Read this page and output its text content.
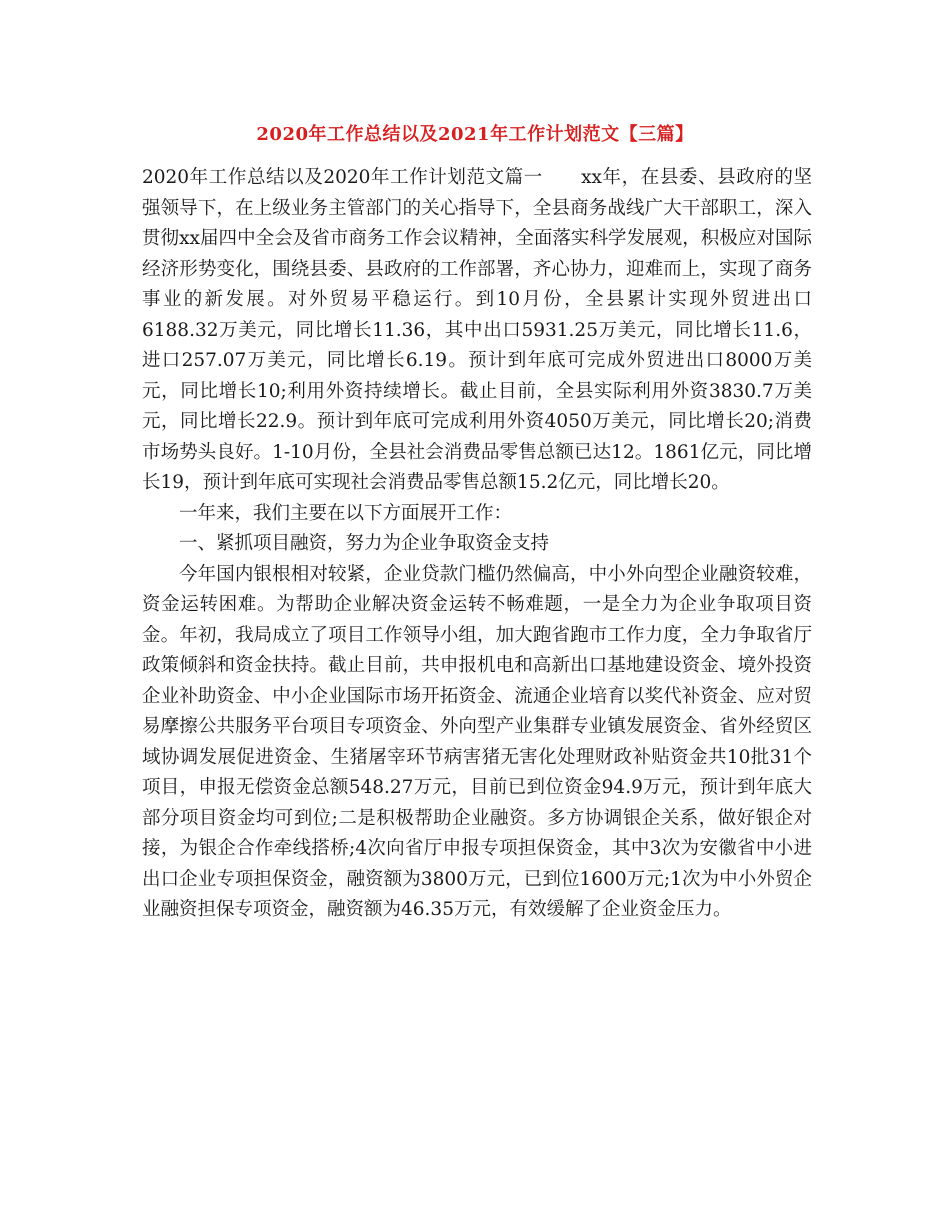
2020年工作总结以及2021年工作计划范文【三篇】

2020年工作总结以及2020年工作计划范文篇一　　xx年，在县委、县政府的坚强领导下，在上级业务主管部门的关心指导下，全县商务战线广大干部职工，深入贯彻xx届四中全会及省市商务工作会议精神，全面落实科学发展观，积极应对国际经济形势变化，围绕县委、县政府的工作部署，齐心协力，迎难而上，实现了商务事业的新发展。对外贸易平稳运行。到10月份，全县累计实现外贸进出口6188.32万美元，同比增长11.36，其中出口5931.25万美元，同比增长11.6，进口257.07万美元，同比增长6.19。预计到年底可完成外贸进出口8000万美元，同比增长10;利用外资持续增长。截止目前，全县实际利用外资3830.7万美元，同比增长22.9。预计到年底可完成利用外资4050万美元，同比增长20;消费市场势头良好。1-10月份，全县社会消费品零售总额已达12。1861亿元，同比增长19，预计到年底可实现社会消费品零售总额15.2亿元，同比增长20。

一年来，我们主要在以下方面展开工作：

一、紧抓项目融资，努力为企业争取资金支持

今年国内银根相对较紧，企业贷款门槛仍然偏高，中小外向型企业融资较难，资金运转困难。为帮助企业解决资金运转不畅难题，一是全力为企业争取项目资金。年初，我局成立了项目工作领导小组，加大跑省跑市工作力度，全力争取省厅政策倾斜和资金扶持。截止目前，共申报机电和高新出口基地建设资金、境外投资企业补助资金、中小企业国际市场开拓资金、流通企业培育以奖代补资金、应对贸易摩擦公共服务平台项目专项资金、外向型产业集群专业镇发展资金、省外经贸区域协调发展促进资金、生猪屠宰环节病害猪无害化处理财政补贴资金共10批31个项目，申报无偿资金总额548.27万元，目前已到位资金94.9万元，预计到年底大部分项目资金均可到位;二是积极帮助企业融资。多方协调银企关系，做好银企对接，为银企合作牵线搭桥;4次向省厅申报专项担保资金，其中3次为安徽省中小进出口企业专项担保资金，融资额为3800万元，已到位1600万元;1次为中小外贸企业融资担保专项资金，融资额为46.35万元，有效缓解了企业资金压力。
